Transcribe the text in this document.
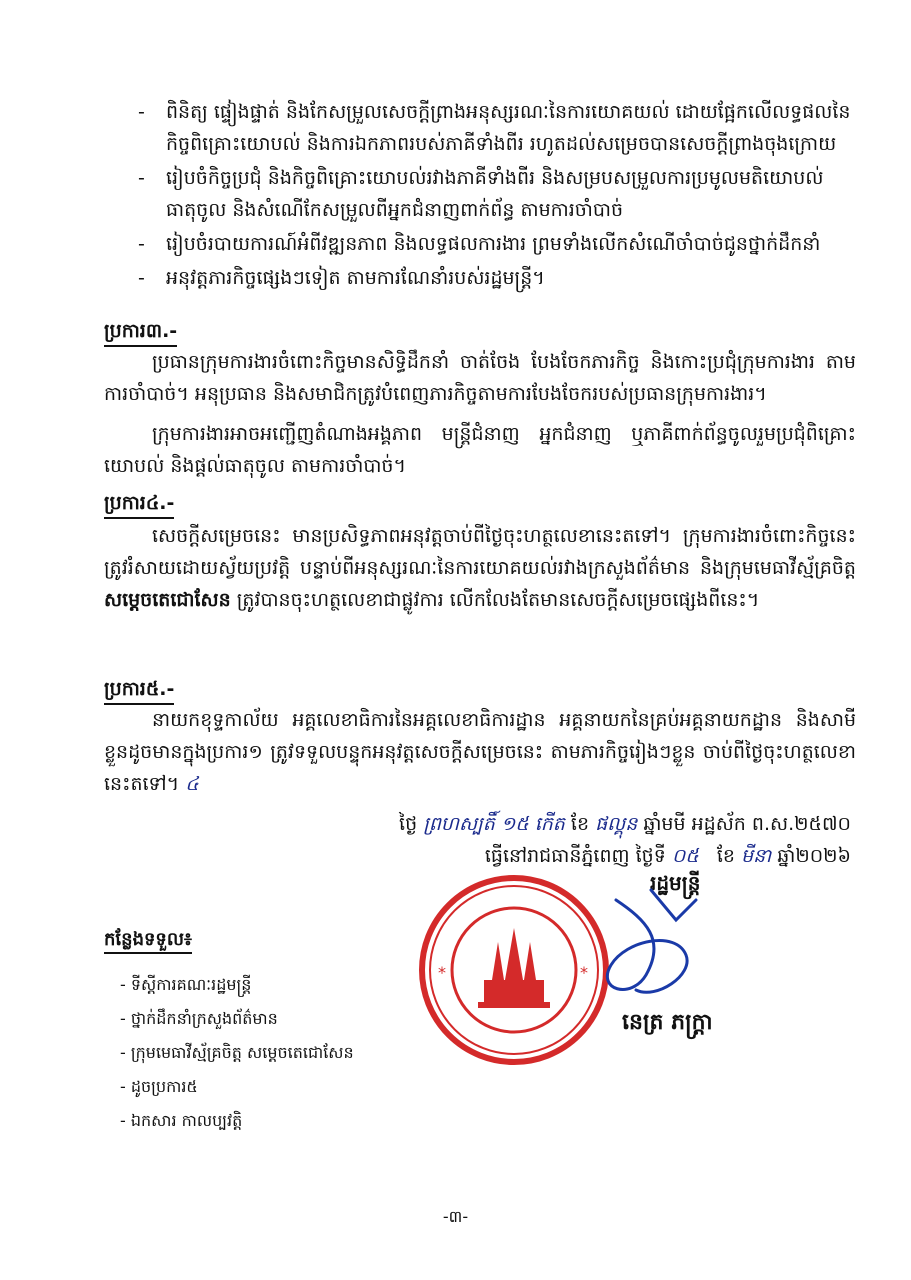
- ពិនិត្យ ផ្ទៀងផ្ទាត់ និងកែសម្រួលសេចក្ដីព្រាងអនុស្សរណៈនៃការយោគយល់ ដោយផ្អែកលើលទ្ធផលនៃកិច្ចពិគ្រោះយោបល់ និងការឯកភាពរបស់ភាគីទាំងពីរ រហូតដល់សម្រេចបានសេចក្ដីព្រាងចុងក្រោយ
- រៀបចំកិច្ចប្រជុំ និងកិច្ចពិគ្រោះយោបល់រវាងភាគីទាំងពីរ និងសម្របសម្រួលការប្រមូលមតិយោបល់ ធាតុចូល និងសំណើកែសម្រួលពីអ្នកជំនាញពាក់ព័ន្ធ តាមការចាំបាច់
- រៀបចំរបាយការណ៍អំពីវឌ្ឍនភាព និងលទ្ធផលការងារ ព្រមទាំងលើកសំណើចាំបាច់ជូនថ្នាក់ដឹកនាំ
- អនុវត្តភារកិច្ចផ្សេងៗទៀត តាមការណែនាំរបស់រដ្ឋមន្ត្រី។
ប្រការ៣.-
ប្រធានក្រុមការងារចំពោះកិច្ចមានសិទ្ធិដឹកនាំ ចាត់ចែង បែងចែកភារកិច្ច និងកោះប្រជុំក្រុមការងារ តាមការចាំបាច់។ អនុប្រធាន និងសមាជិកត្រូវបំពេញភារកិច្ចតាមការបែងចែករបស់ប្រធានក្រុមការងារ។
ក្រុមការងារអាចអញ្ជើញតំណាងអង្គភាព មន្ត្រីជំនាញ អ្នកជំនាញ ឬភាគីពាក់ព័ន្ធចូលរួមប្រជុំពិគ្រោះយោបល់ និងផ្ដល់ធាតុចូល តាមការចាំបាច់។
ប្រការ៤.-
សេចក្ដីសម្រេចនេះ មានប្រសិទ្ធភាពអនុវត្តចាប់ពីថ្ងៃចុះហត្ថលេខានេះតទៅ។ ក្រុមការងារចំពោះកិច្ចនេះ ត្រូវរំសាយដោយស្វ័យប្រវត្តិ បន្ទាប់ពីអនុស្សរណៈនៃការយោគយល់រវាងក្រសួងព័ត៌មាន និងក្រុមមេធាវីស្ម័គ្រចិត្ត សម្ដេចតេជោសែន ត្រូវបានចុះហត្ថលេខាជាផ្លូវការ លើកលែងតែមានសេចក្ដីសម្រេចផ្សេងពីនេះ។
ប្រការ៥.-
នាយកខុទ្ទកាល័យ អគ្គលេខាធិការនៃអគ្គលេខាធិការដ្ឋាន អគ្គនាយកនៃគ្រប់អគ្គនាយកដ្ឋាន និងសាមីខ្លួនដូចមានក្នុងប្រការ១ ត្រូវទទួលបន្ទុកអនុវត្តសេចក្ដីសម្រេចនេះ តាមភារកិច្ចរៀងៗខ្លួន ចាប់ពីថ្ងៃចុះហត្ថលេខានេះតទៅ។ ៤
ថ្ងៃ ព្រហស្បតិ៍ ១៥ កើត ខែ ផល្គុន ឆ្នាំមមី អដ្ឋស័ក ព.ស.២៥៧០
ធ្វើនៅរាជធានីភ្នំពេញ ថ្ងៃទី ០៥ ខែ មីនា ឆ្នាំ២០២៦
រដ្ឋមន្ត្រី
*	*
នេត្រ ភក្ត្រា
កន្លែងទទួល៖
- ទីស្ដីការគណៈរដ្ឋមន្ត្រី
- ថ្នាក់ដឹកនាំក្រសួងព័ត៌មាន
- ក្រុមមេធាវីស្ម័គ្រចិត្ត សម្ដេចតេជោសែន
- ដូចប្រការ៥
- ឯកសារ កាលប្បវត្តិ
-៣-
